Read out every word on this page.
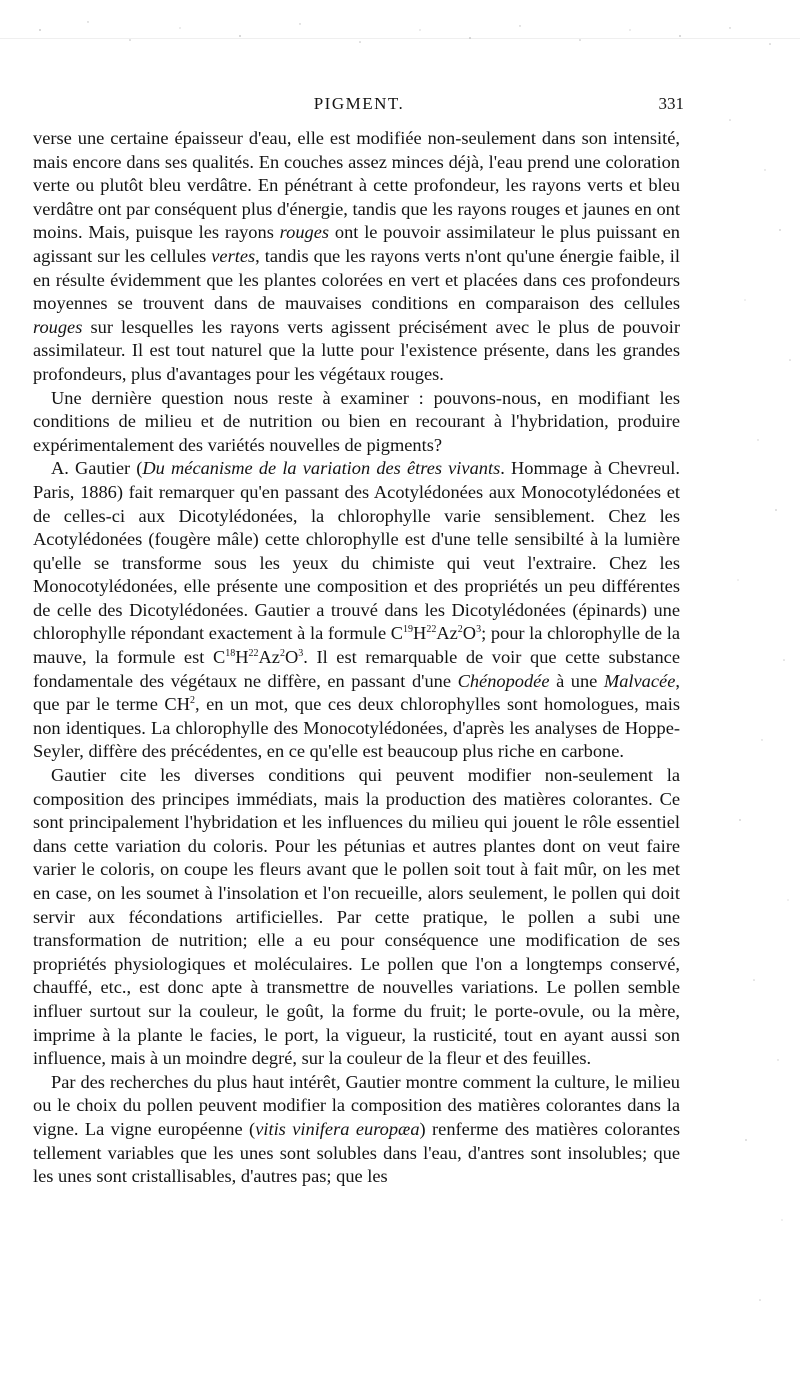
PIGMENT.	331

verse une certaine épaisseur d'eau, elle est modifiée non-seulement dans son intensité, mais encore dans ses qualités. En couches assez minces déjà, l'eau prend une coloration verte ou plutôt bleu verdâtre. En pénétrant à cette profondeur, les rayons verts et bleu verdâtre ont par conséquent plus d'énergie, tandis que les rayons rouges et jaunes en ont moins. Mais, puisque les rayons rouges ont le pouvoir assimilateur le plus puissant en agissant sur les cellules vertes, tandis que les rayons verts n'ont qu'une énergie faible, il en résulte évidemment que les plantes colorées en vert et placées dans ces profondeurs moyennes se trouvent dans de mauvaises conditions en comparaison des cellules rouges sur lesquelles les rayons verts agissent précisément avec le plus de pouvoir assimilateur. Il est tout naturel que la lutte pour l'existence présente, dans les grandes profondeurs, plus d'avantages pour les végétaux rouges.

Une dernière question nous reste à examiner : pouvons-nous, en modifiant les conditions de milieu et de nutrition ou bien en recourant à l'hybridation, produire expérimentalement des variétés nouvelles de pigments?

A. Gautier (Du mécanisme de la variation des êtres vivants. Hommage à Chevreul. Paris, 1886) fait remarquer qu'en passant des Acotylédonées aux Monocotylédonées et de celles-ci aux Dicotylédonées, la chlorophylle varie sensiblement. Chez les Acotylédonées (fougère mâle) cette chlorophylle est d'une telle sensibilté à la lumière qu'elle se transforme sous les yeux du chimiste qui veut l'extraire. Chez les Monocotylédonées, elle présente une composition et des propriétés un peu différentes de celle des Dicotylédonées. Gautier a trouvé dans les Dicotylédonées (épinards) une chlorophylle répondant exactement à la formule $C^{19}H^{22}Az^2O^3$; pour la chlorophylle de la mauve, la formule est $C^{18}H^{22}Az^2O^3$. Il est remarquable de voir que cette substance fondamentale des végétaux ne diffère, en passant d'une Chénopodée à une Malvacée, que par le terme $CH^2$, en un mot, que ces deux chlorophylles sont homologues, mais non identiques. La chlorophylle des Monocotylédonées, d'après les analyses de Hoppe-Seyler, diffère des précédentes, en ce qu'elle est beaucoup plus riche en carbone.

Gautier cite les diverses conditions qui peuvent modifier non-seulement la composition des principes immédiats, mais la production des matières colorantes. Ce sont principalement l'hybridation et les influences du milieu qui jouent le rôle essentiel dans cette variation du coloris. Pour les pétunias et autres plantes dont on veut faire varier le coloris, on coupe les fleurs avant que le pollen soit tout à fait mûr, on les met en case, on les soumet à l'insolation et l'on recueille, alors seulement, le pollen qui doit servir aux fécondations artificielles. Par cette pratique, le pollen a subi une transformation de nutrition; elle a eu pour conséquence une modification de ses propriétés physiologiques et moléculaires. Le pollen que l'on a longtemps conservé, chauffé, etc., est donc apte à transmettre de nouvelles variations. Le pollen semble influer surtout sur la couleur, le goût, la forme du fruit; le porte-ovule, ou la mère, imprime à la plante le facies, le port, la vigueur, la rusticité, tout en ayant aussi son influence, mais à un moindre degré, sur la couleur de la fleur et des feuilles.

Par des recherches du plus haut intérêt, Gautier montre comment la culture, le milieu ou le choix du pollen peuvent modifier la composition des matières colorantes dans la vigne. La vigne européenne (vitis vinifera europæa) renferme des matières colorantes tellement variables que les unes sont solubles dans l'eau, d'antres sont insolubles; que les unes sont cristallisables, d'autres pas; que les
